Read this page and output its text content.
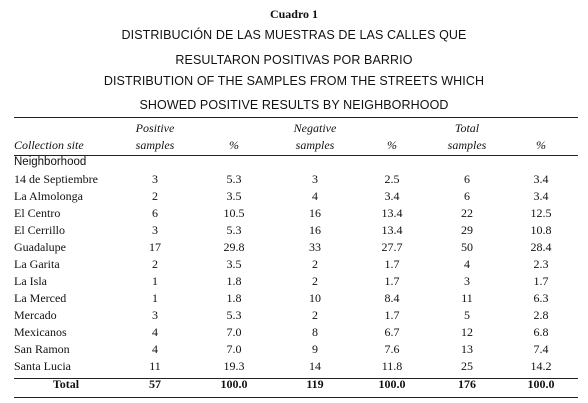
Cuadro 1
DISTRIBUCIÓN DE LAS MUESTRAS DE LAS CALLES QUE
RESULTARON POSITIVAS POR BARRIO
DISTRIBUTION OF THE SAMPLES FROM THE STREETS WHICH
SHOWED POSITIVE RESULTS BY NEIGHBORHOOD
	Positive		Negative		Total	
Collection site	samples	%	samples	%	samples	%
Neighborhood						
14 de Septiembre	3	5.3	3	2.5	6	3.4
La Almolonga	2	3.5	4	3.4	6	3.4
El Centro	6	10.5	16	13.4	22	12.5
El Cerrillo	3	5.3	16	13.4	29	10.8
Guadalupe	17	29.8	33	27.7	50	28.4
La Garita	2	3.5	2	1.7	4	2.3
La Isla	1	1.8	2	1.7	3	1.7
La Merced	1	1.8	10	8.4	11	6.3
Mercado	3	5.3	2	1.7	5	2.8
Mexicanos	4	7.0	8	6.7	12	6.8
San Ramon	4	7.0	9	7.6	13	7.4
Santa Lucia	11	19.3	14	11.8	25	14.2
Total	57	100.0	119	100.0	176	100.0
